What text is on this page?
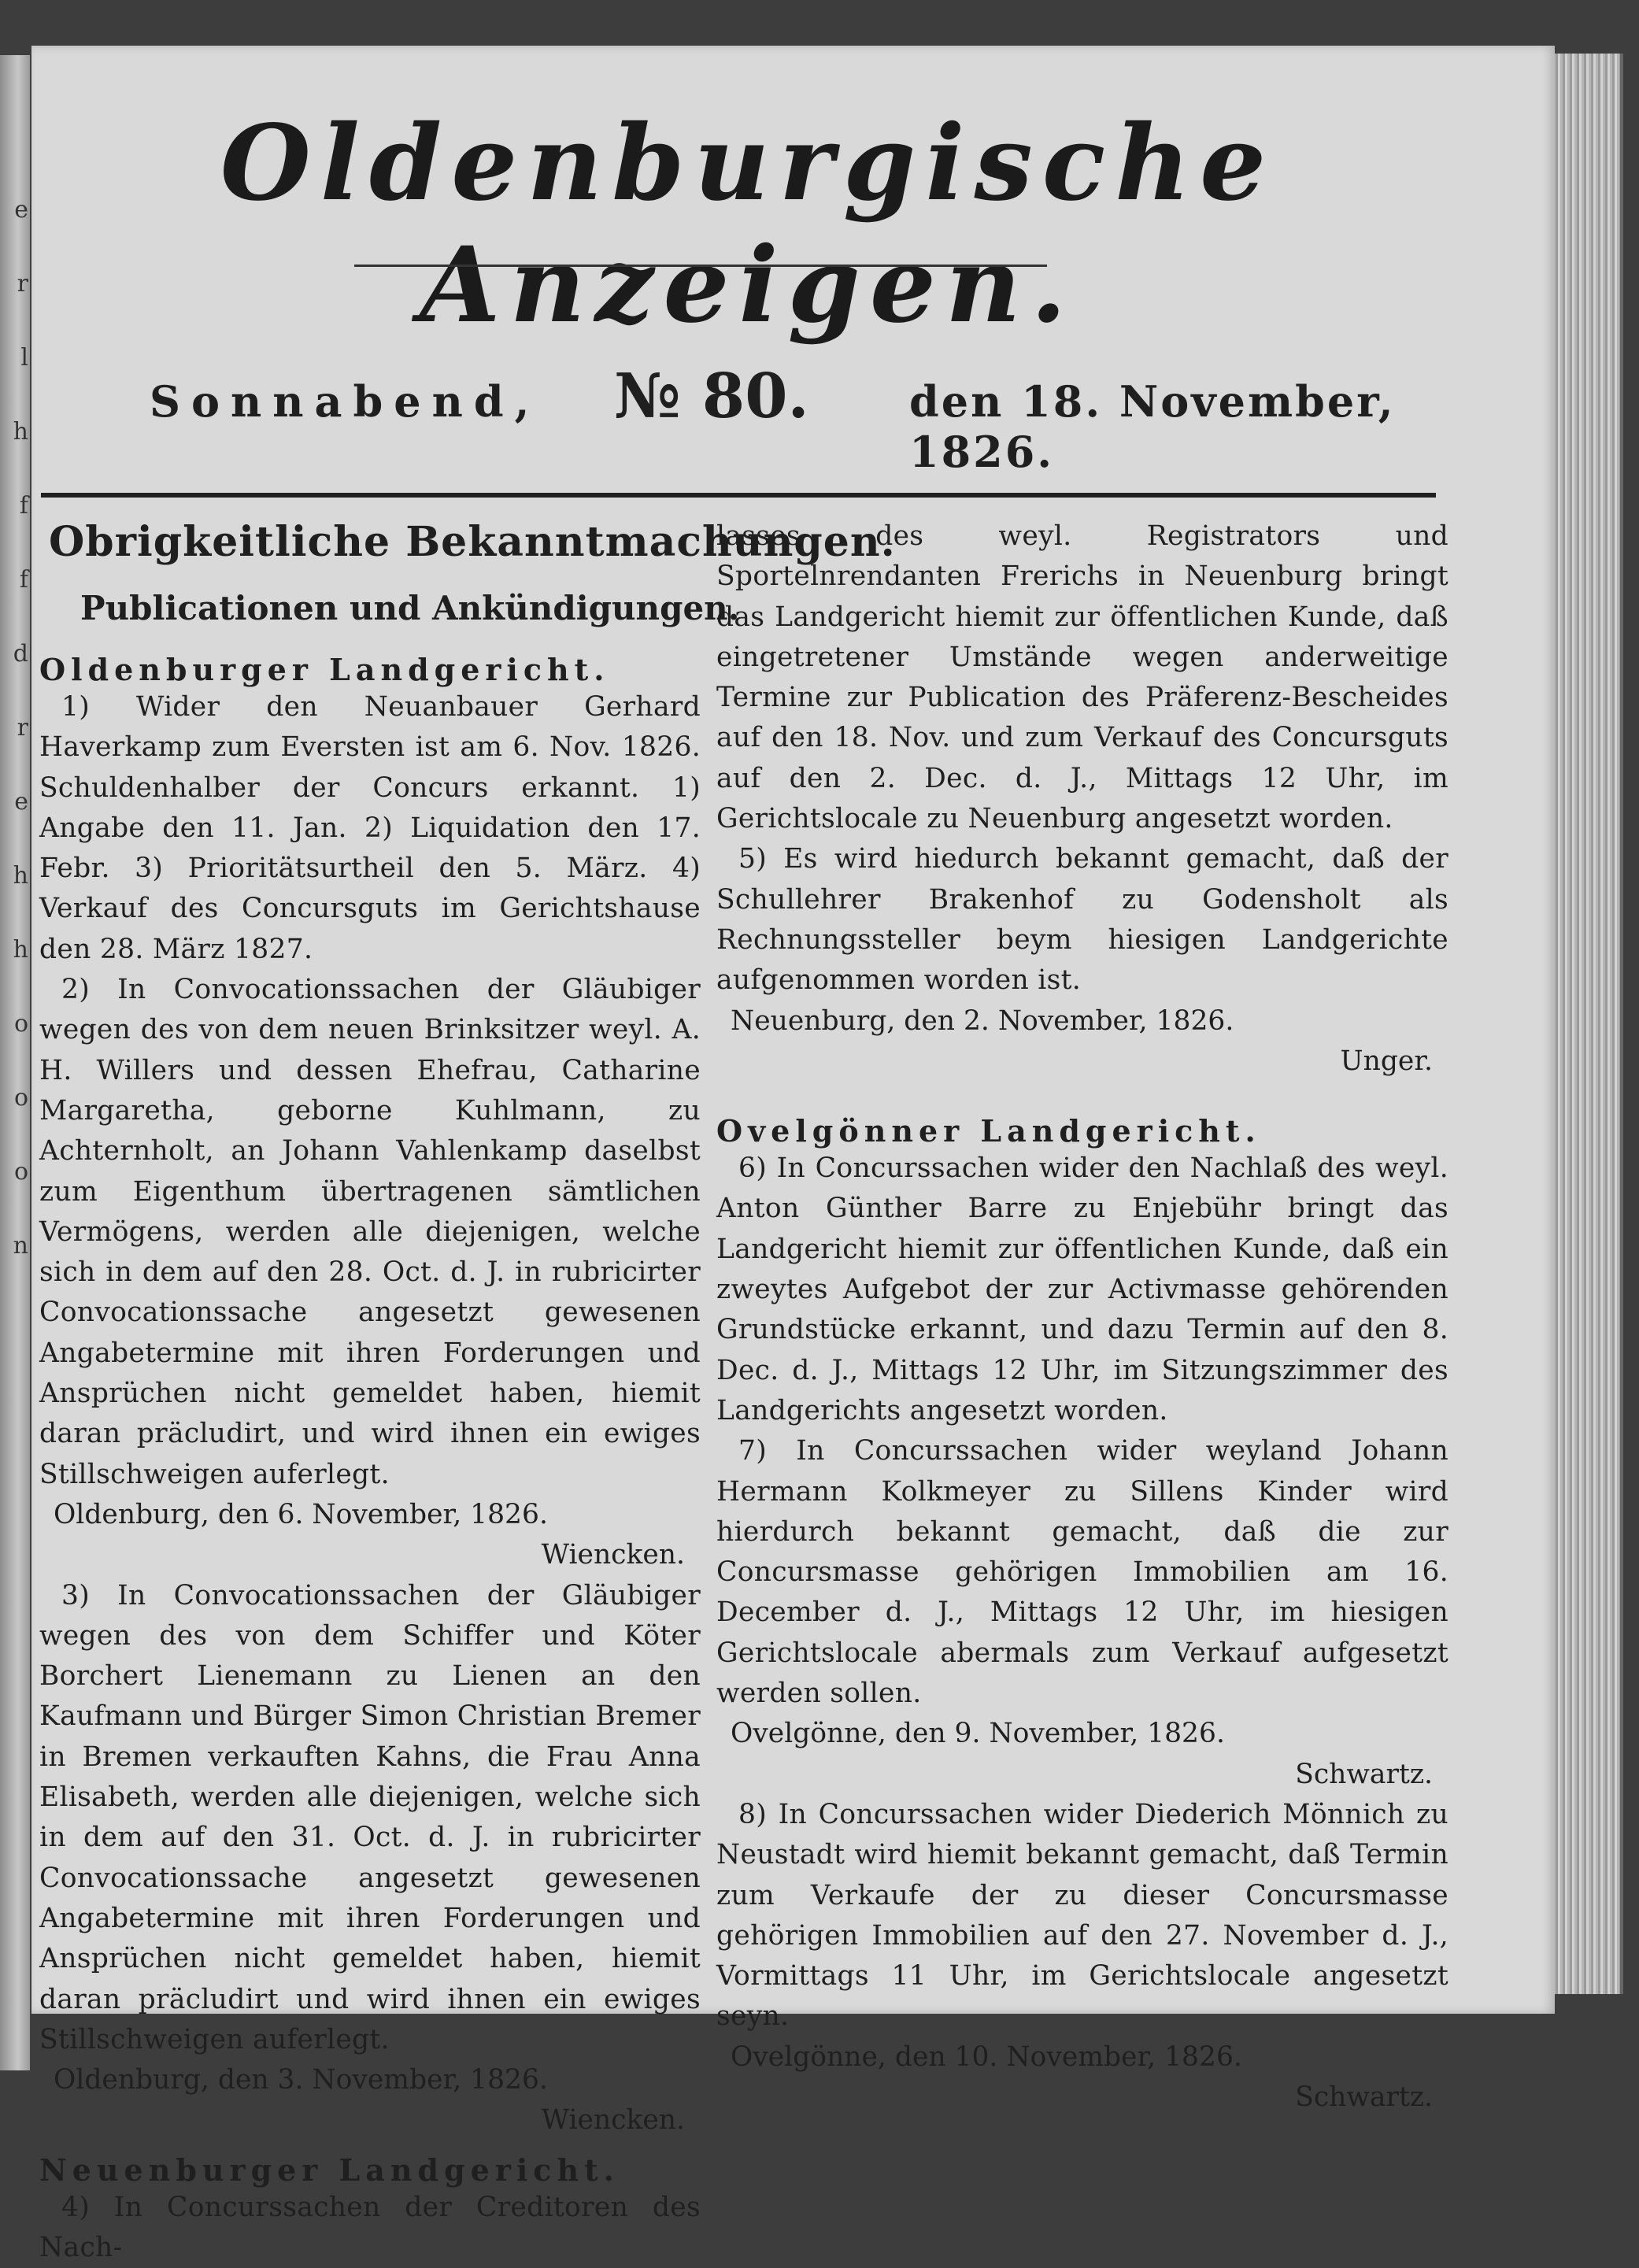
e
r
l
h
f
f
d
r
e
h
h
o
o
o
n
Oldenburgische Anzeigen.
Sonnabend, № 80. den 18. November, 1826.
Obrigkeitliche Bekanntmachungen.
Publicationen und Ankündigungen.

Oldenburger Landgericht.

1) Wider den Neuanbauer Gerhard Haverkamp zum Eversten ist am 6. Nov. 1826. Schuldenhalber der Concurs erkannt. 1) Angabe den 11. Jan. 2) Liquidation den 17. Febr. 3) Prioritätsurtheil den 5. März. 4) Verkauf des Concursguts im Gerichtshause den 28. März 1827.

2) In Convocationssachen der Gläubiger wegen des von dem neuen Brinksitzer weyl. A. H. Willers und dessen Ehefrau, Catharine Margaretha, geborne Kuhlmann, zu Achternholt, an Johann Vahlenkamp daselbst zum Eigenthum übertragenen sämtlichen Vermögens, werden alle diejenigen, welche sich in dem auf den 28. Oct. d. J. in rubricirter Convocationssache angesetzt gewesenen Angabetermine mit ihren Forderungen und Ansprüchen nicht gemeldet haben, hiemit daran präcludirt, und wird ihnen ein ewiges Stillschweigen auferlegt.

Oldenburg, den 6. November, 1826.

Wiencken.

3) In Convocationssachen der Gläubiger wegen des von dem Schiffer und Köter Borchert Lienemann zu Lienen an den Kaufmann und Bürger Simon Christian Bremer in Bremen verkauften Kahns, die Frau Anna Elisabeth, werden alle diejenigen, welche sich in dem auf den 31. Oct. d. J. in rubricirter Convocationssache angesetzt gewesenen Angabetermine mit ihren Forderungen und Ansprüchen nicht gemeldet haben, hiemit daran präcludirt und wird ihnen ein ewiges Stillschweigen auferlegt.

Oldenburg, den 3. November, 1826.

Wiencken.

Neuenburger Landgericht.

4) In Concurssachen der Creditoren des Nach-

lasses des weyl. Registrators und Sportelnrendanten Frerichs in Neuenburg bringt das Landgericht hiemit zur öffentlichen Kunde, daß eingetretener Umstände wegen anderweitige Termine zur Publication des Präferenz-Bescheides auf den 18. Nov. und zum Verkauf des Concursguts auf den 2. Dec. d. J., Mittags 12 Uhr, im Gerichtslocale zu Neuenburg angesetzt worden.

5) Es wird hiedurch bekannt gemacht, daß der Schullehrer Brakenhof zu Godensholt als Rechnungssteller beym hiesigen Landgerichte aufgenommen worden ist.

Neuenburg, den 2. November, 1826.

Unger.

Ovelgönner Landgericht.

6) In Concurssachen wider den Nachlaß des weyl. Anton Günther Barre zu Enjebühr bringt das Landgericht hiemit zur öffentlichen Kunde, daß ein zweytes Aufgebot der zur Activmasse gehörenden Grundstücke erkannt, und dazu Termin auf den 8. Dec. d. J., Mittags 12 Uhr, im Sitzungszimmer des Landgerichts angesetzt worden.

7) In Concurssachen wider weyland Johann Hermann Kolkmeyer zu Sillens Kinder wird hierdurch bekannt gemacht, daß die zur Concursmasse gehörigen Immobilien am 16. December d. J., Mittags 12 Uhr, im hiesigen Gerichtslocale abermals zum Verkauf aufgesetzt werden sollen.

Ovelgönne, den 9. November, 1826.

Schwartz.

8) In Concurssachen wider Diederich Mönnich zu Neustadt wird hiemit bekannt gemacht, daß Termin zum Verkaufe der zu dieser Concursmasse gehörigen Immobilien auf den 27. November d. J., Vormittags 11 Uhr, im Gerichtslocale angesetzt seyn.

Ovelgönne, den 10. November, 1826.

Schwartz.
